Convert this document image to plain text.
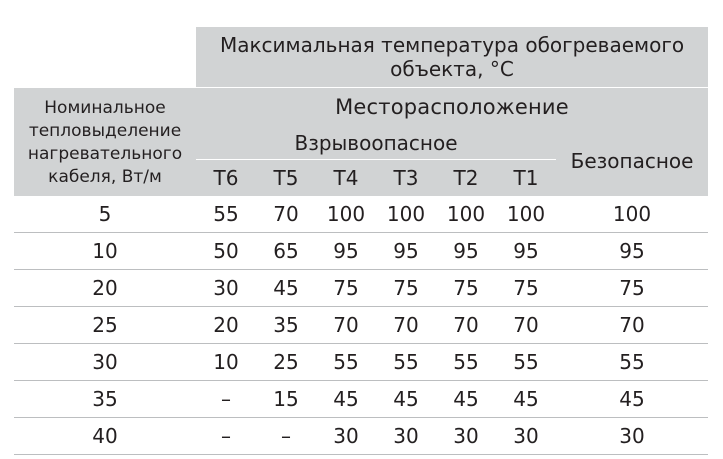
	Максимальная температура обогреваемого объекта, °C						
Номинальное тепловыделение нагревательного кабеля, Вт/м	Месторасположение						
	Взрывоопасное						Безопасное
	T6	T5	T4	T3	T2	T1	
5	55	70	100	100	100	100	100
10	50	65	95	95	95	95	95
20	30	45	75	75	75	75	75
25	20	35	70	70	70	70	70
30	10	25	55	55	55	55	55
35	–	15	45	45	45	45	45
40	–	–	30	30	30	30	30
